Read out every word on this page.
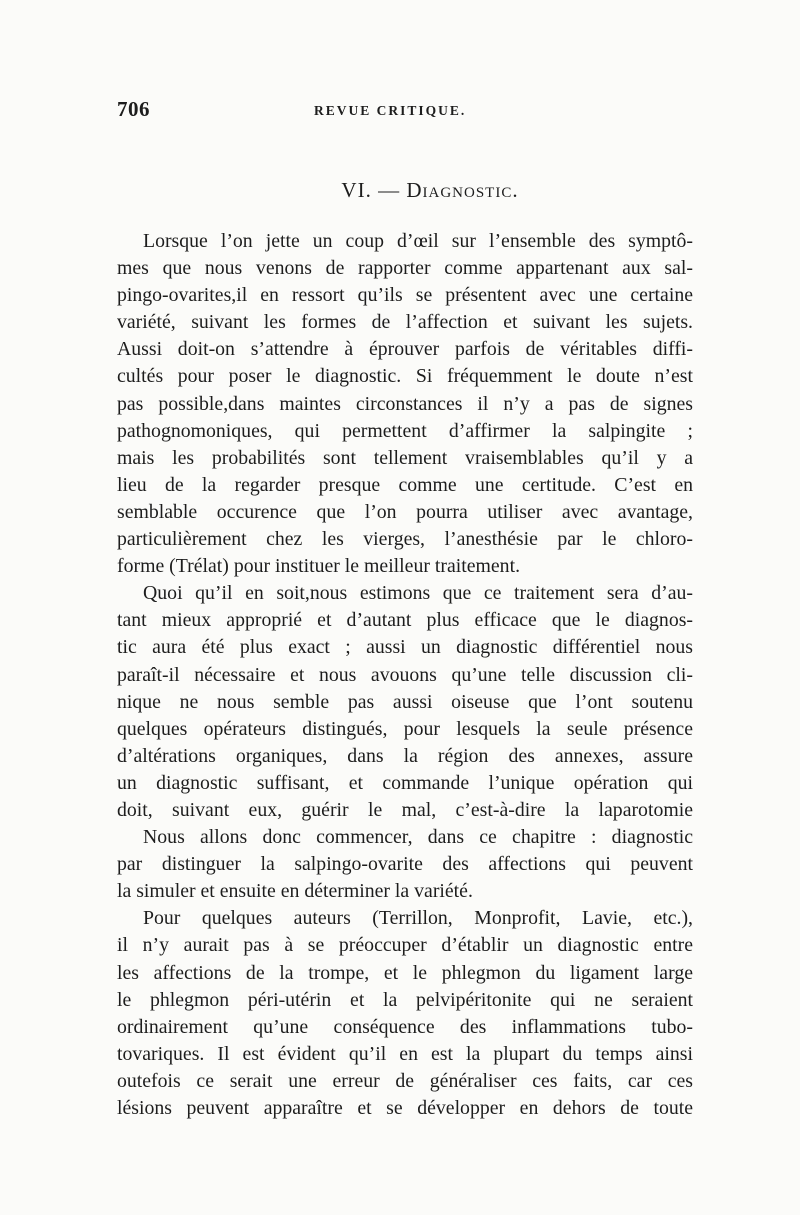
706	REVUE CRITIQUE.
VI. — Diagnostic.
Lorsque l’on jette un coup d’œil sur l’ensemble des symptô-
mes que nous venons de rapporter comme appartenant aux sal-
pingo-ovarites,il en ressort qu’ils se présentent avec une certaine
variété, suivant les formes de l’affection et suivant les sujets.
Aussi doit-on s’attendre à éprouver parfois de véritables diffi-
cultés pour poser le diagnostic. Si fréquemment le doute n’est
pas possible,dans maintes circonstances il n’y a pas de signes
pathognomoniques, qui permettent d’affirmer la salpingite ;
mais les probabilités sont tellement vraisemblables qu’il y a
lieu de la regarder presque comme une certitude. C’est en
semblable occurence que l’on pourra utiliser avec avantage,
particulièrement chez les vierges, l’anesthésie par le chloro-
forme (Trélat) pour instituer le meilleur traitement.
Quoi qu’il en soit,nous estimons que ce traitement sera d’au-
tant mieux approprié et d’autant plus efficace que le diagnos-
tic aura été plus exact ; aussi un diagnostic différentiel nous
paraît-il nécessaire et nous avouons qu’une telle discussion cli-
nique ne nous semble pas aussi oiseuse que l’ont soutenu
quelques opérateurs distingués, pour lesquels la seule présence
d’altérations organiques, dans la région des annexes, assure
un diagnostic suffisant, et commande l’unique opération qui
doit, suivant eux, guérir le mal, c’est-à-dire la laparotomie
Nous allons donc commencer, dans ce chapitre : diagnostic
par distinguer la salpingo-ovarite des affections qui peuvent
la simuler et ensuite en déterminer la variété.
Pour quelques auteurs (Terrillon, Monprofit, Lavie, etc.),
il n’y aurait pas à se préoccuper d’établir un diagnostic entre
les affections de la trompe, et le phlegmon du ligament large
le phlegmon péri-utérin et la pelvipéritonite qui ne seraient
ordinairement qu’une conséquence des inflammations tubo-
tovariques. Il est évident qu’il en est la plupart du temps ainsi
outefois ce serait une erreur de généraliser ces faits, car ces
lésions peuvent apparaître et se développer en dehors de toute
